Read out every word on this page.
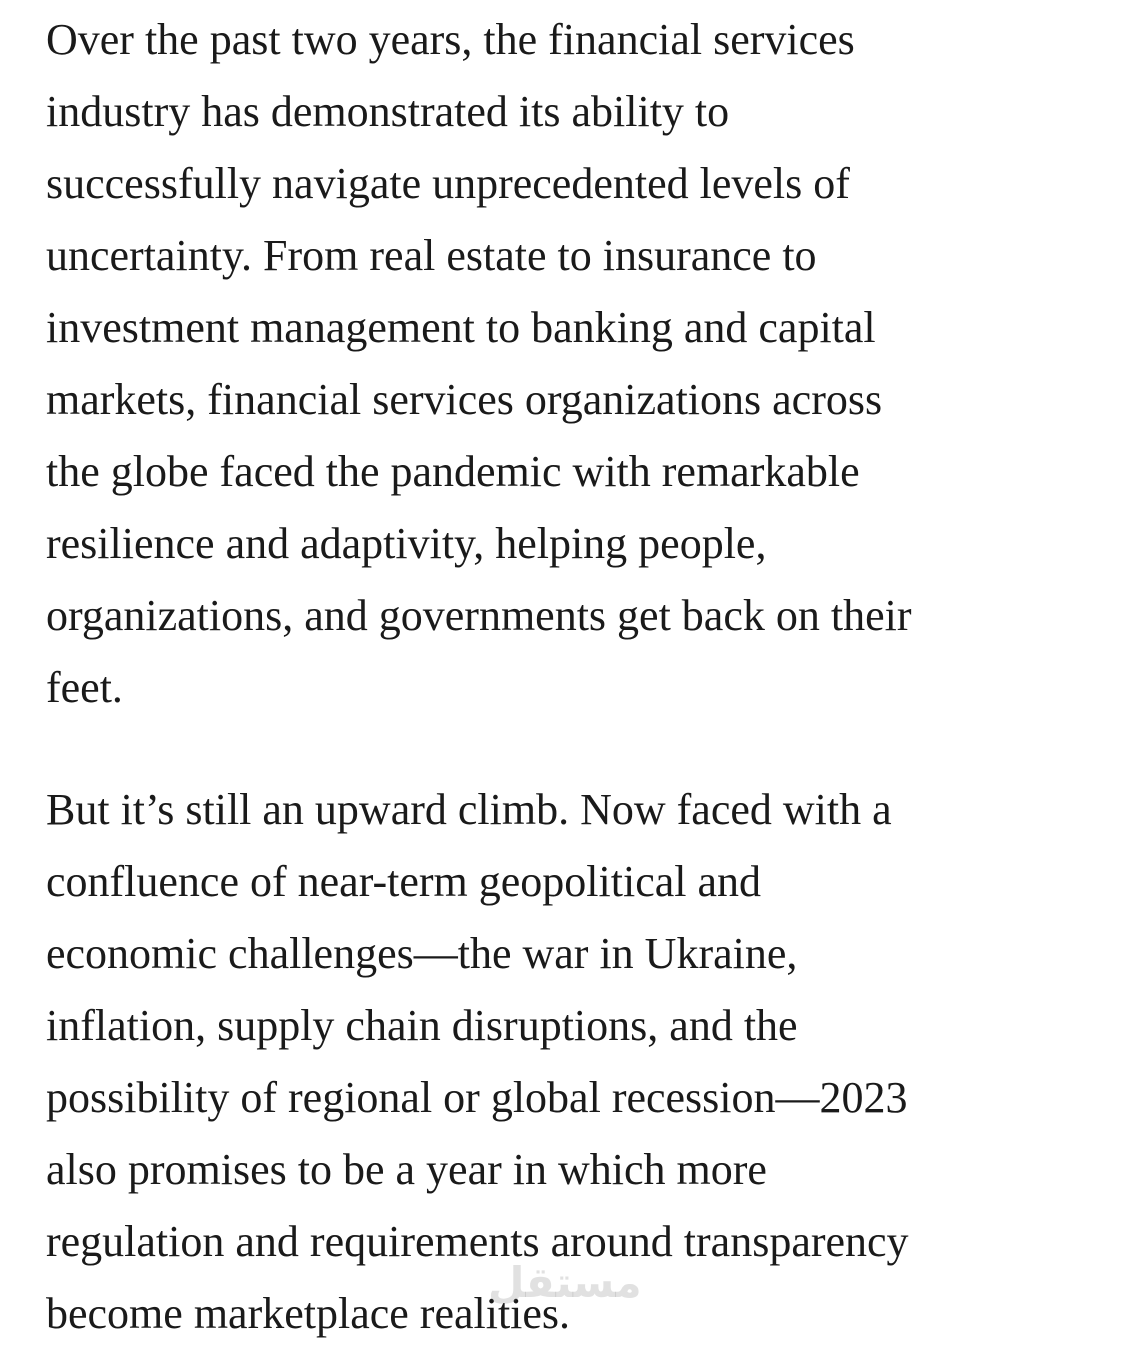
Over the past two years, the financial services
industry has demonstrated its ability to
successfully navigate unprecedented levels of
uncertainty. From real estate to insurance to
investment management to banking and capital
markets, financial services organizations across
the globe faced the pandemic with remarkable
resilience and adaptivity, helping people,
organizations, and governments get back on their
feet.
But it’s still an upward climb. Now faced with a
confluence of near-term geopolitical and
economic challenges—the war in Ukraine,
inflation, supply chain disruptions, and the
possibility of regional or global recession—2023
also promises to be a year in which more
regulation and requirements around transparency
become marketplace realities.
مستقل
